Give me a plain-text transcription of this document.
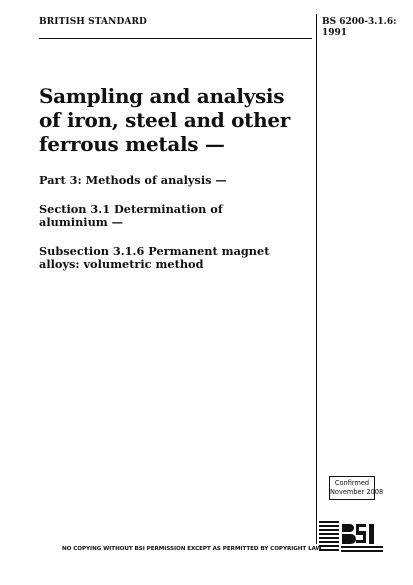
BRITISH STANDARD	BS 6200-3.1.6:
1991
Sampling and analysis
of iron, steel and other
ferrous metals —
Part 3: Methods of analysis —
Section 3.1 Determination of
aluminium —
Subsection 3.1.6 Permanent magnet
alloys: volumetric method
Confirmed
November 2008
NO COPYING WITHOUT BSI PERMISSION EXCEPT AS PERMITTED BY COPYRIGHT LAW
